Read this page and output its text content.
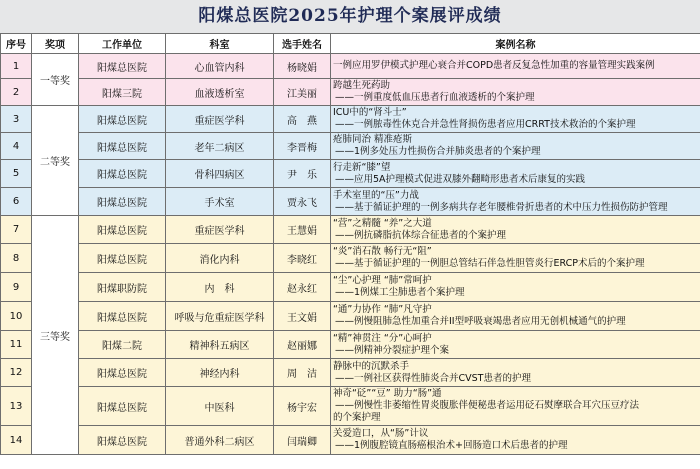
阳煤总医院2025年护理个案展评成绩
序号	奖项	工作单位	科室	选手姓名	案例名称
1	一等奖	阳煤总医院	心血管内科	杨晓娟	一例应用罗伊模式护理心衰合并COPD患者反复急性加重的容量管理实践案例

2		阳煤三院	血液透析室	江美丽	跨越生死药助
——一例重度低血压患者行血液透析的个案护理

3	二等奖	阳煤总医院	重症医学科	高　燕	ICU中的“肾斗士”
——一例脓毒性休克合并急性肾损伤患者应用CRRT技术救治的个案护理

4		阳煤总医院	老年二病区	李晋梅	疮肺同治 精准疮斯
——1例多处压力性损伤合并肺炎患者的个案护理

5		阳煤总医院	骨科四病区	尹　乐	行走新“膝”望
——应用5A护理模式促进双膝外翻畸形患者术后康复的实践

6		阳煤总医院	手术室	贾永飞	手术室里的“压”力战
——基于循证护理的一例多病共存老年腰椎骨折患者的术中压力性损伤防护管理

7	三等奖	阳煤总医院	重症医学科	王慧娟	“营”之精髓 “养”之大道
——例抗磷脂抗体综合征患者的个案护理

8		阳煤总医院	消化内科	李晓红	“炎”消石散 畅行无“阻”
——基于循证护理的一例胆总管结石伴急性胆管炎行ERCP术后的个案护理

9		阳煤职防院	内　科	赵永红	“尘”心护理 “肺”常呵护
——1例煤工尘肺患者个案护理

10		阳煤总医院	呼吸与危重症医学科	王文娟	“通”力协作 “肺”凡守护
——例慢阻肺急性加重合并II型呼吸衰竭患者应用无创机械通气的护理

11		阳煤二院	精神科五病区	赵丽娜	“精”神贯注 “分”心呵护
——例精神分裂症护理个案

12		阳煤总医院	神经内科	周　洁	静脉中的沉默杀手
——一例社区获得性肺炎合并CVST患者的护理

13		阳煤总医院	中医科	杨宇宏	神奇“砭”“豆” 助力“肠”通
——例慢性非萎缩性胃炎腹胀伴便秘患者运用砭石熨摩联合耳穴压豆疗法
的个案护理

14		阳煤总医院	普通外科二病区	闫瑞卿	关爱造口，从“肠”计议
——1例腹腔镜直肠癌根治术+回肠造口术后患者的护理
